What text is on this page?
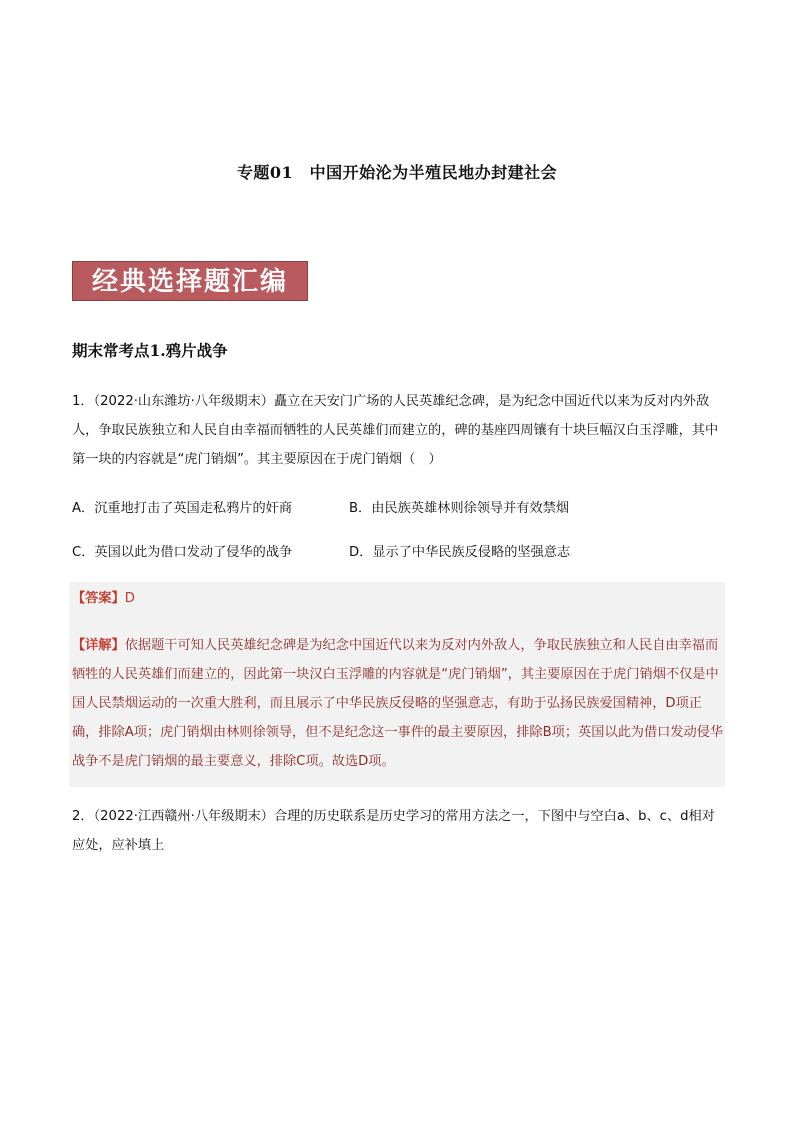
专题01　中国开始沦为半殖民地办封建社会
经典选择题汇编
期末常考点1.鸦片战争
1．（2022·山东潍坊·八年级期末）矗立在天安门广场的人民英雄纪念碑，是为纪念中国近代以来为反对内外敌人，争取民族独立和人民自由幸福而牺牲的人民英雄们而建立的，碑的基座四周镶有十块巨幅汉白玉浮雕，其中第一块的内容就是“虎门销烟”。其主要原因在于虎门销烟（　）
A．沉重地打击了英国走私鸦片的奸商	B．由民族英雄林则徐领导并有效禁烟
C．英国以此为借口发动了侵华的战争	D．显示了中华民族反侵略的坚强意志
【答案】D
【详解】依据题干可知人民英雄纪念碑是为纪念中国近代以来为反对内外敌人，争取民族独立和人民自由幸福而牺牲的人民英雄们而建立的，因此第一块汉白玉浮雕的内容就是“虎门销烟”，其主要原因在于虎门销烟不仅是中国人民禁烟运动的一次重大胜利，而且展示了中华民族反侵略的坚强意志，有助于弘扬民族爱国精神，D项正确，排除A项；虎门销烟由林则徐领导，但不是纪念这一事件的最主要原因，排除B项；英国以此为借口发动侵华战争不是虎门销烟的最主要意义，排除C项。故选D项。
2．（2022·江西赣州·八年级期末）合理的历史联系是历史学习的常用方法之一，下图中与空白a、b、c、d相对应处，应补填上
